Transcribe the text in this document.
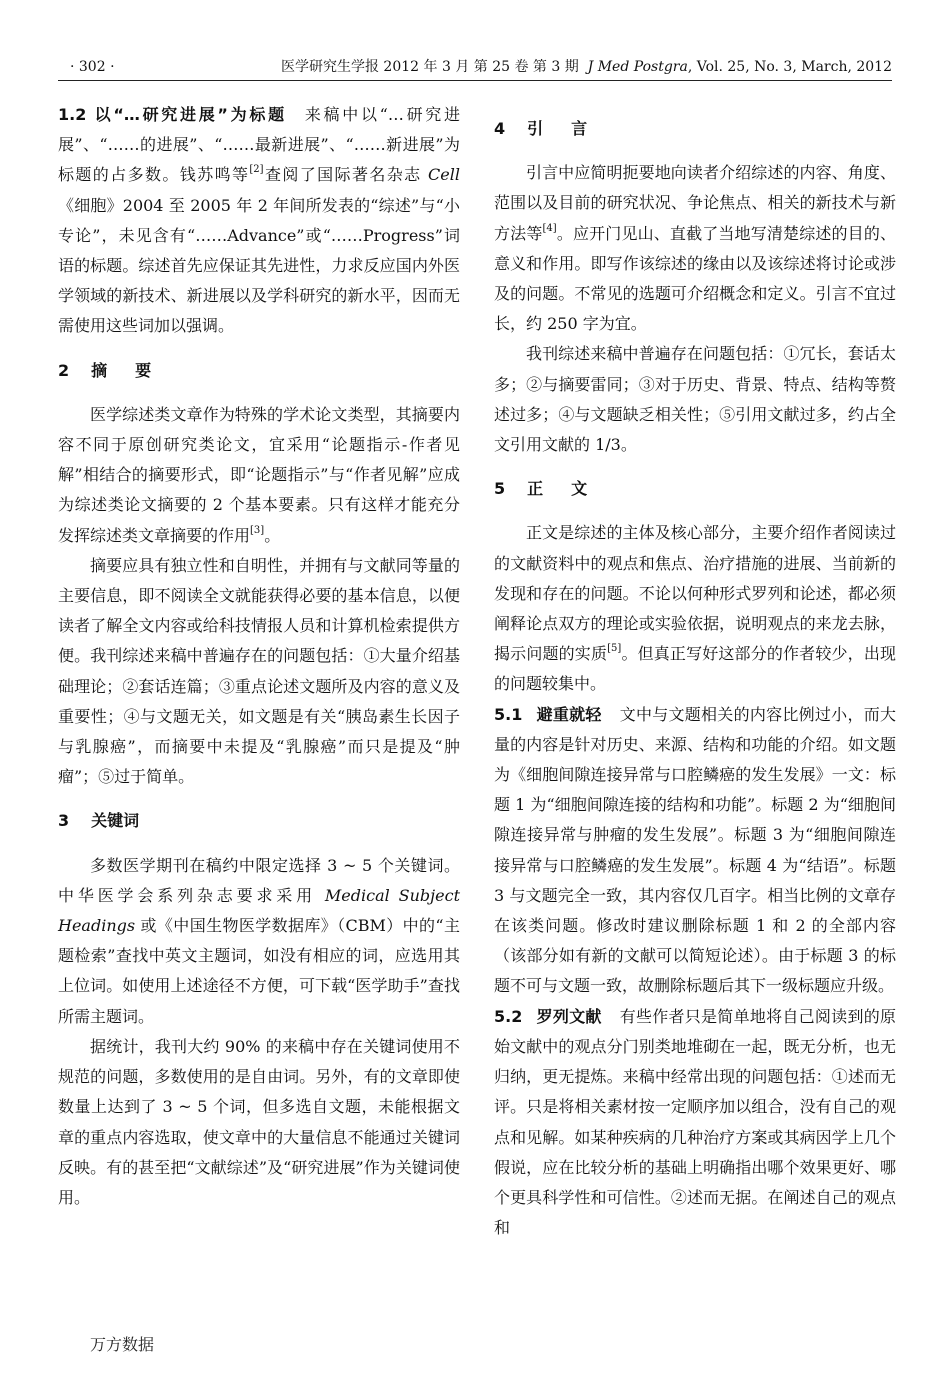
· 302 ·	医学研究生学报 2012 年 3 月 第 25 卷 第 3 期 J Med Postgra, Vol. 25, No. 3, March, 2012

1.2 以“…研究进展”为标题 来稿中以“…研究进展”、“……的进展”、“……最新进展”、“……新进展”为标题的占多数。钱苏鸣等[2]查阅了国际著名杂志 Cell《细胞》2004 至 2005 年 2 年间所发表的“综述”与“小专论”，未见含有“……Advance”或“……Progress”词语的标题。综述首先应保证其先进性，力求反应国内外医学领域的新技术、新进展以及学科研究的新水平，因而无需使用这些词加以强调。

2 摘要

医学综述类文章作为特殊的学术论文类型，其摘要内容不同于原创研究类论文，宜采用“论题指示-作者见解”相结合的摘要形式，即“论题指示”与“作者见解”应成为综述类论文摘要的 2 个基本要素。只有这样才能充分发挥综述类文章摘要的作用[3]。

摘要应具有独立性和自明性，并拥有与文献同等量的主要信息，即不阅读全文就能获得必要的基本信息，以便读者了解全文内容或给科技情报人员和计算机检索提供方便。我刊综述来稿中普遍存在的问题包括：①大量介绍基础理论；②套话连篇；③重点论述文题所及内容的意义及重要性；④与文题无关，如文题是有关“胰岛素生长因子与乳腺癌”，而摘要中未提及“乳腺癌”而只是提及“肿瘤”；⑤过于简单。

3 关键词

多数医学期刊在稿约中限定选择 3 ~ 5 个关键词。中华医学会系列杂志要求采用 Medical Subject Headings 或《中国生物医学数据库》（CBM）中的“主题检索”查找中英文主题词，如没有相应的词，应选用其上位词。如使用上述途径不方便，可下载“医学助手”查找所需主题词。

据统计，我刊大约 90% 的来稿中存在关键词使用不规范的问题，多数使用的是自由词。另外，有的文章即使数量上达到了 3 ~ 5 个词，但多选自文题，未能根据文章的重点内容选取，使文章中的大量信息不能通过关键词反映。有的甚至把“文献综述”及“研究进展”作为关键词使用。

4 引言

引言中应简明扼要地向读者介绍综述的内容、角度、范围以及目前的研究状况、争论焦点、相关的新技术与新方法等[4]。应开门见山、直截了当地写清楚综述的目的、意义和作用。即写作该综述的缘由以及该综述将讨论或涉及的问题。不常见的选题可介绍概念和定义。引言不宜过长，约 250 字为宜。

我刊综述来稿中普遍存在问题包括：①冗长，套话太多；②与摘要雷同；③对于历史、背景、特点、结构等赘述过多；④与文题缺乏相关性；⑤引用文献过多，约占全文引用文献的 1/3。

5 正文

正文是综述的主体及核心部分，主要介绍作者阅读过的文献资料中的观点和焦点、治疗措施的进展、当前新的发现和存在的问题。不论以何种形式罗列和论述，都必须阐释论点双方的理论或实验依据，说明观点的来龙去脉，揭示问题的实质[5]。但真正写好这部分的作者较少，出现的问题较集中。

5.1 避重就轻 文中与文题相关的内容比例过小，而大量的内容是针对历史、来源、结构和功能的介绍。如文题为《细胞间隙连接异常与口腔鳞癌的发生发展》一文：标题 1 为“细胞间隙连接的结构和功能”。标题 2 为“细胞间隙连接异常与肿瘤的发生发展”。标题 3 为“细胞间隙连接异常与口腔鳞癌的发生发展”。标题 4 为“结语”。标题 3 与文题完全一致，其内容仅几百字。相当比例的文章存在该类问题。修改时建议删除标题 1 和 2 的全部内容（该部分如有新的文献可以简短论述）。由于标题 3 的标题不可与文题一致，故删除标题后其下一级标题应升级。

5.2 罗列文献 有些作者只是简单地将自己阅读到的原始文献中的观点分门别类地堆砌在一起，既无分析，也无归纳，更无提炼。来稿中经常出现的问题包括：①述而无评。只是将相关素材按一定顺序加以组合，没有自己的观点和见解。如某种疾病的几种治疗方案或其病因学上几个假说，应在比较分析的基础上明确指出哪个效果更好、哪个更具科学性和可信性。②述而无据。在阐述自己的观点和

万方数据
